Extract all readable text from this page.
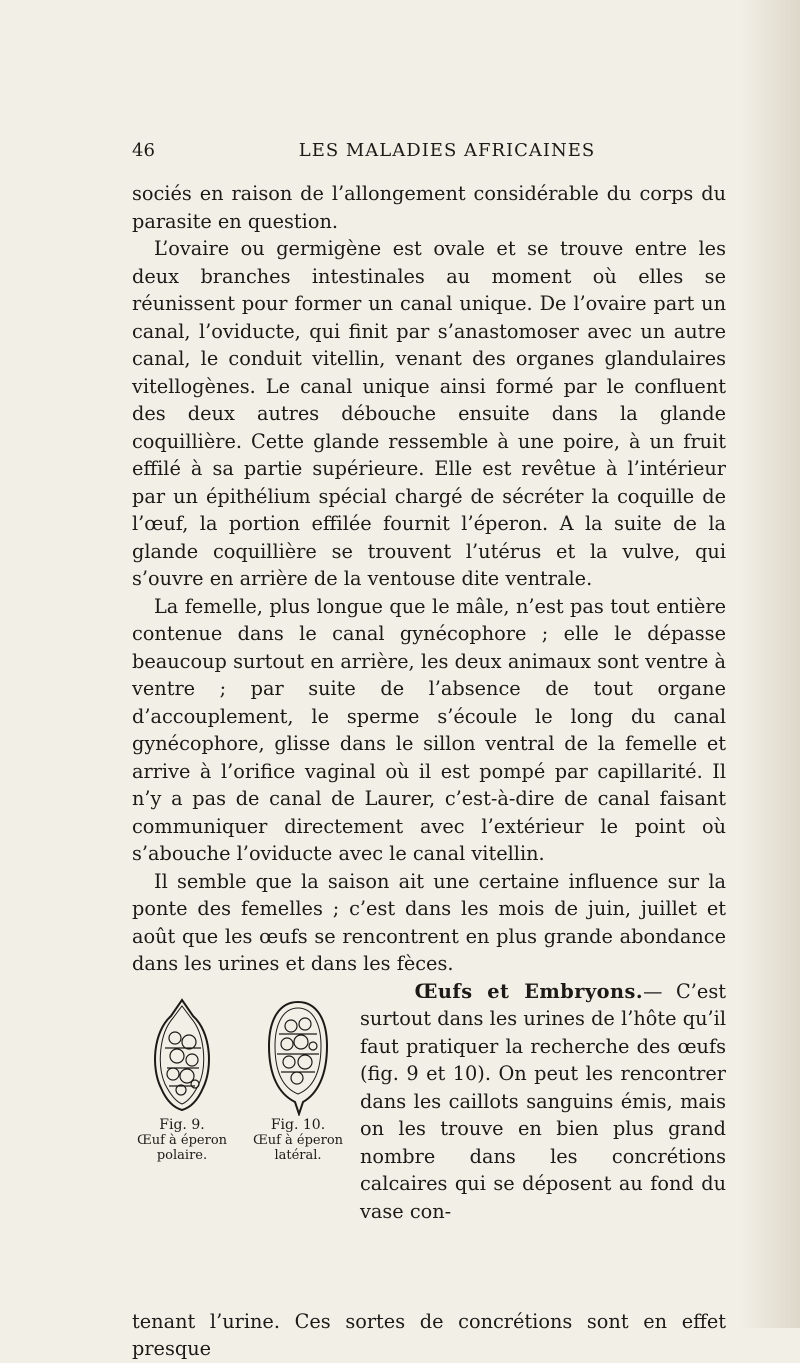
46	LES MALADIES AFRICAINES

sociés en raison de l’allongement considérable du corps du parasite en question.

L’ovaire ou germigène est ovale et se trouve entre les deux branches intestinales au moment où elles se réunissent pour former un canal unique. De l’ovaire part un canal, l’oviducte, qui finit par s’anastomoser avec un autre canal, le conduit vitellin, venant des organes glandulaires vitellogènes. Le canal unique ainsi formé par le confluent des deux autres débouche ensuite dans la glande coquillière. Cette glande ressemble à une poire, à un fruit effilé à sa partie supérieure. Elle est revêtue à l’intérieur par un épithélium spécial chargé de sécréter la coquille de l’œuf, la portion effilée fournit l’éperon. A la suite de la glande coquillière se trouvent l’utérus et la vulve, qui s’ouvre en arrière de la ventouse dite ventrale.

La femelle, plus longue que le mâle, n’est pas tout entière contenue dans le canal gynécophore ; elle le dépasse beaucoup surtout en arrière, les deux animaux sont ventre à ventre ; par suite de l’absence de tout organe d’accouplement, le sperme s’écoule le long du canal gynécophore, glisse dans le sillon ventral de la femelle et arrive à l’orifice vaginal où il est pompé par capillarité. Il n’y a pas de canal de Laurer, c’est-à-dire de canal faisant communiquer directement avec l’extérieur le point où s’abouche l’oviducte avec le canal vitellin.

Il semble que la saison ait une certaine influence sur la ponte des femelles ; c’est dans les mois de juin, juillet et août que les œufs se rencontrent en plus grande abondance dans les urines et dans les fèces.

Fig. 9.
Œuf à éperon polaire.
Fig. 10.
Œuf à éperon latéral.

Œufs et Embryons.— C’est surtout dans les urines de l’hôte qu’il faut pratiquer la recherche des œufs (fig. 9 et 10). On peut les rencontrer dans les caillots sanguins émis, mais on les trouve en bien plus grand nombre dans les concrétions calcaires qui se déposent au fond du vase con-

tenant l’urine. Ces sortes de concrétions sont en effet presque
